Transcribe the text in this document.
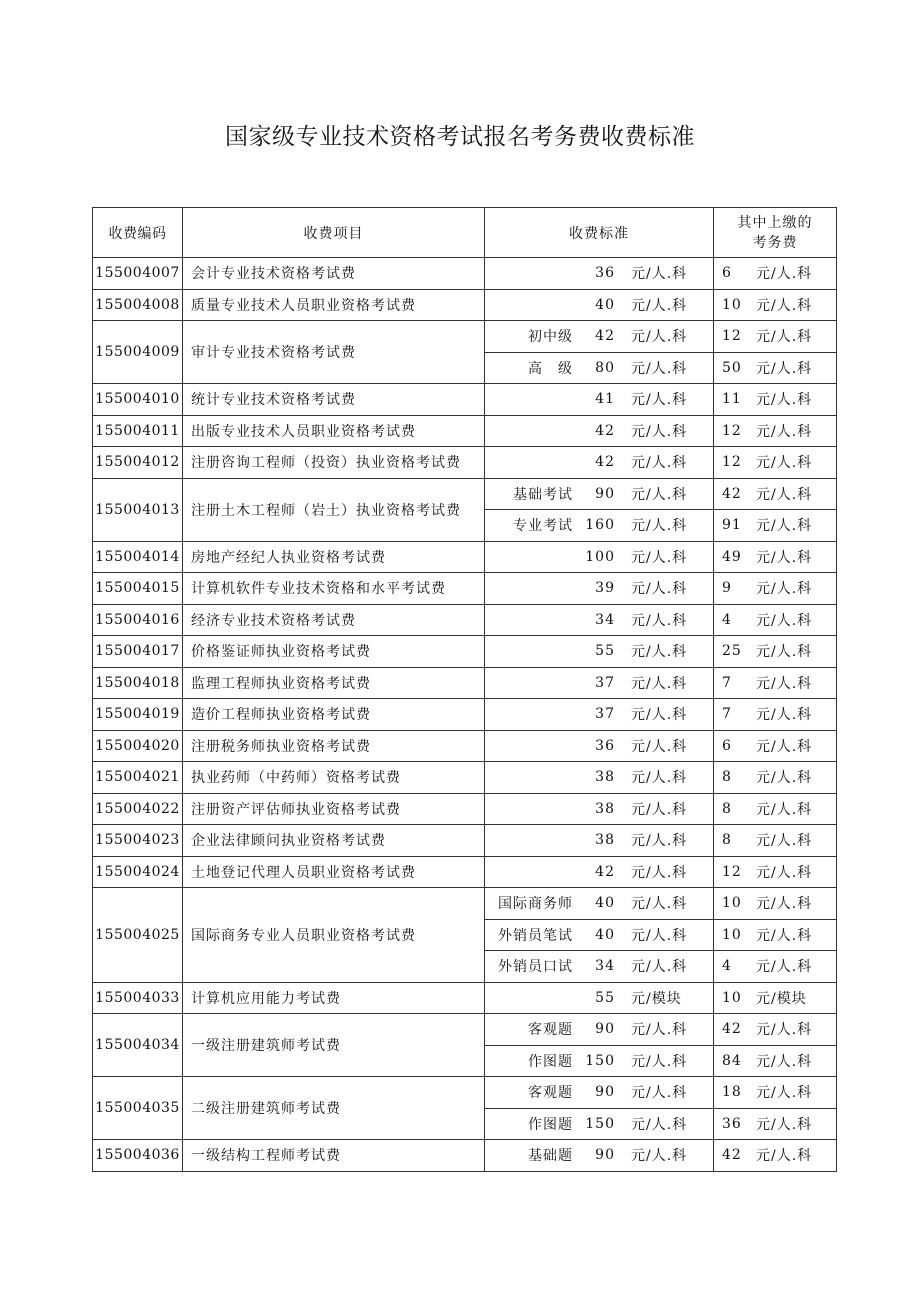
国家级专业技术资格考试报名考务费收费标准
收费编码	收费项目	收费标准	其中上缴的
考务费

155004007	会计专业技术资格考试费	36 元/人.科	6 元/人.科

155004008	质量专业技术人员职业资格考试费	40 元/人.科	10 元/人.科

155004009	审计专业技术资格考试费	初中级 42 元/人.科	12 元/人.科

		高　级 80 元/人.科	50 元/人.科

155004010	统计专业技术资格考试费	41 元/人.科	11 元/人.科

155004011	出版专业技术人员职业资格考试费	42 元/人.科	12 元/人.科

155004012	注册咨询工程师（投资）执业资格考试费	42 元/人.科	12 元/人.科

155004013	注册土木工程师（岩土）执业资格考试费	基础考试 90 元/人.科	42 元/人.科

		专业考试 160 元/人.科	91 元/人.科

155004014	房地产经纪人执业资格考试费	100 元/人.科	49 元/人.科

155004015	计算机软件专业技术资格和水平考试费	39 元/人.科	9 元/人.科

155004016	经济专业技术资格考试费	34 元/人.科	4 元/人.科

155004017	价格鉴证师执业资格考试费	55 元/人.科	25 元/人.科

155004018	监理工程师执业资格考试费	37 元/人.科	7 元/人.科

155004019	造价工程师执业资格考试费	37 元/人.科	7 元/人.科

155004020	注册税务师执业资格考试费	36 元/人.科	6 元/人.科

155004021	执业药师（中药师）资格考试费	38 元/人.科	8 元/人.科

155004022	注册资产评估师执业资格考试费	38 元/人.科	8 元/人.科

155004023	企业法律顾问执业资格考试费	38 元/人.科	8 元/人.科

155004024	土地登记代理人员职业资格考试费	42 元/人.科	12 元/人.科

155004025	国际商务专业人员职业资格考试费	国际商务师 40 元/人.科	10 元/人.科

		外销员笔试 40 元/人.科	10 元/人.科

		外销员口试 34 元/人.科	4 元/人.科

155004033	计算机应用能力考试费	55 元/模块	10 元/模块

155004034	一级注册建筑师考试费	客观题 90 元/人.科	42 元/人.科

		作图题 150 元/人.科	84 元/人.科

155004035	二级注册建筑师考试费	客观题 90 元/人.科	18 元/人.科

		作图题 150 元/人.科	36 元/人.科

155004036	一级结构工程师考试费	基础题 90 元/人.科	42 元/人.科
